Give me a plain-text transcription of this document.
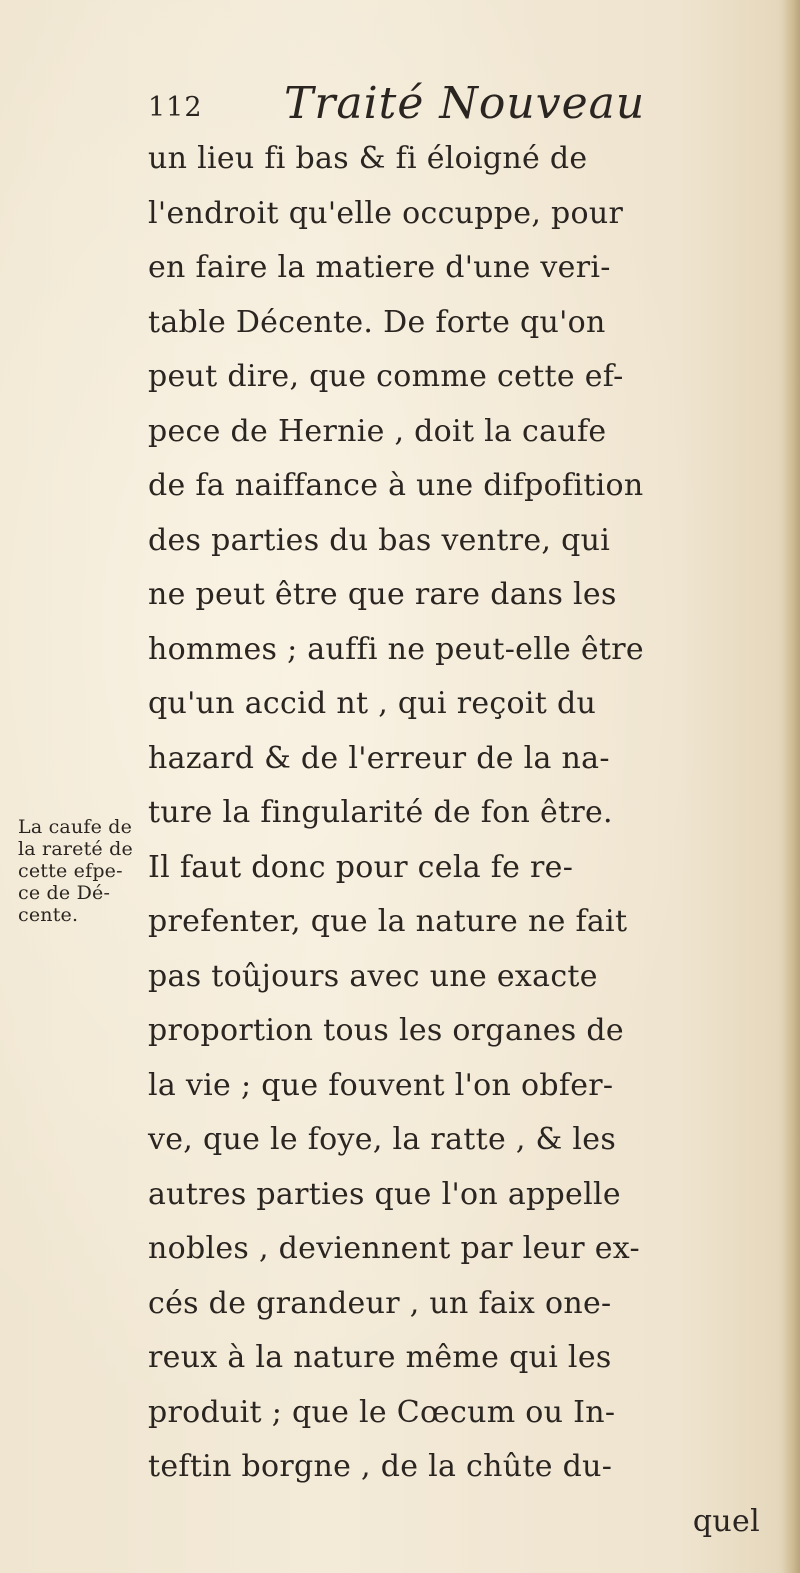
112 Traité Nouveau
La caufe de
la rareté de
cette efpe-
ce de Dé-
cente.
un lieu fi bas & fi éloigné de
l'endroit qu'elle occuppe, pour
en faire la matiere d'une veri-
table Décente. De forte qu'on
peut dire, que comme cette ef-
pece de Hernie , doit la caufe
de fa naiffance à une difpofition
des parties du bas ventre, qui
ne peut être que rare dans les
hommes ; auffi ne peut-elle être
qu'un accid nt , qui reçoit du
hazard & de l'erreur de la na-
ture la fingularité de fon être.
Il faut donc pour cela fe re-
prefenter, que la nature ne fait
pas toûjours avec une exacte
proportion tous les organes de
la vie ; que fouvent l'on obfer-
ve, que le foye, la ratte , & les
autres parties que l'on appelle
nobles , deviennent par leur ex-
cés de grandeur , un faix one-
reux à la nature même qui les
produit ; que le Cœcum ou In-
teftin borgne , de la chûte du-
quel
